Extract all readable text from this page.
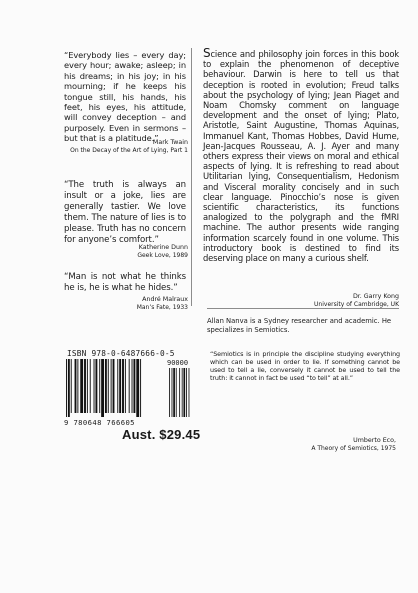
“Everybody lies – every day; every hour; awake; asleep; in his dreams; in his joy; in his mourning; if he keeps his tongue still, his hands, his feet, his eyes, his attitude, will convey deception – and purposely. Even in sermons – but that is a platitude.”
Mark Twain
On the Decay of the Art of Lying, Part 1
“The truth is always an insult or a joke, lies are generally tastier. We love them. The nature of lies is to please. Truth has no concern for anyone’s comfort.”
Katherine Dunn
Geek Love, 1989
“Man is not what he thinks he is, he is what he hides.”
André Malraux
Man’s Fate, 1933
Science and philosophy join forces in this book to explain the phenomenon of deceptive behaviour. Darwin is here to tell us that deception is rooted in evolution; Freud talks about the psychology of lying; Jean Piaget and Noam Chomsky comment on language development and the onset of lying; Plato, Aristotle, Saint Augustine, Thomas Aquinas, Immanuel Kant, Thomas Hobbes, David Hume, Jean-Jacques Rousseau, A. J. Ayer and many others express their views on moral and ethical aspects of lying. It is refreshing to read about Utilitarian lying, Consequentialism, Hedonism and Visceral morality concisely and in such clear language. Pinocchio’s nose is given scientific characteristics, its functions analogized to the polygraph and the fMRI machine. The author presents wide ranging information scarcely found in one volume. This introductory book is destined to find its deserving place on many a curious shelf.
Dr. Garry Kong
University of Cambridge, UK
Allan Nanva is a Sydney researcher and academic. He specializes in Semiotics.
“Semiotics is in principle the discipline studying everything which can be used in order to lie. If something cannot be used to tell a lie, conversely it cannot be used to tell the truth: it cannot in fact be used “to tell” at all.”
Umberto Eco,
A Theory of Semiotics, 1975
ISBN 978-0-6487666-0-5
90000
9 780648 766605
Aust. $29.45
